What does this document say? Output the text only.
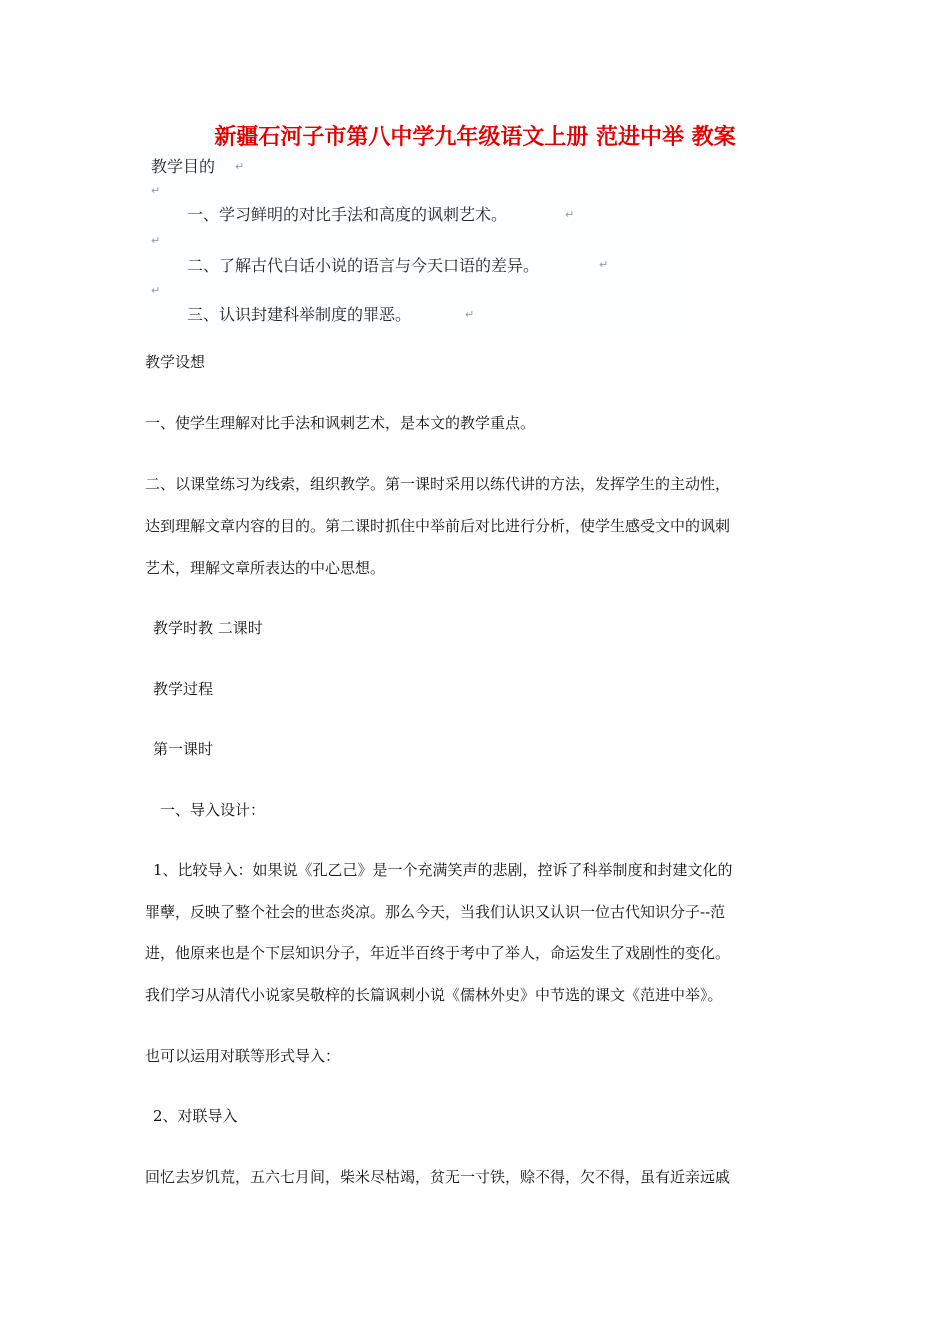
新疆石河子市第八中学九年级语文上册 范进中举 教案
教学目的 ↵
↵
一、学习鲜明的对比手法和高度的讽刺艺术。	↵
↵
二、了解古代白话小说的语言与今天口语的差异。	↵
↵
三、认识封建科举制度的罪恶。	↵
教学设想
一、使学生理解对比手法和讽刺艺术，是本文的教学重点。
二、以课堂练习为线索，组织教学。第一课时采用以练代讲的方法，发挥学生的主动性，
达到理解文章内容的目的。第二课时抓住中举前后对比进行分析，使学生感受文中的讽刺
艺术，理解文章所表达的中心思想。
教学时教 二课时
教学过程
第一课时
一、导入设计：
1、比较导入：如果说《孔乙己》是一个充满笑声的悲剧，控诉了科举制度和封建文化的
罪孽，反映了整个社会的世态炎凉。那么今天，当我们认识又认识一位古代知识分子--范
进，他原来也是个下层知识分子，年近半百终于考中了举人，命运发生了戏剧性的变化。
我们学习从清代小说家吴敬梓的长篇讽刺小说《儒林外史》中节选的课文《范进中举》。
也可以运用对联等形式导入：
2、对联导入
回忆去岁饥荒，五六七月间，柴米尽枯竭，贫无一寸铁，赊不得，欠不得，虽有近亲远戚
